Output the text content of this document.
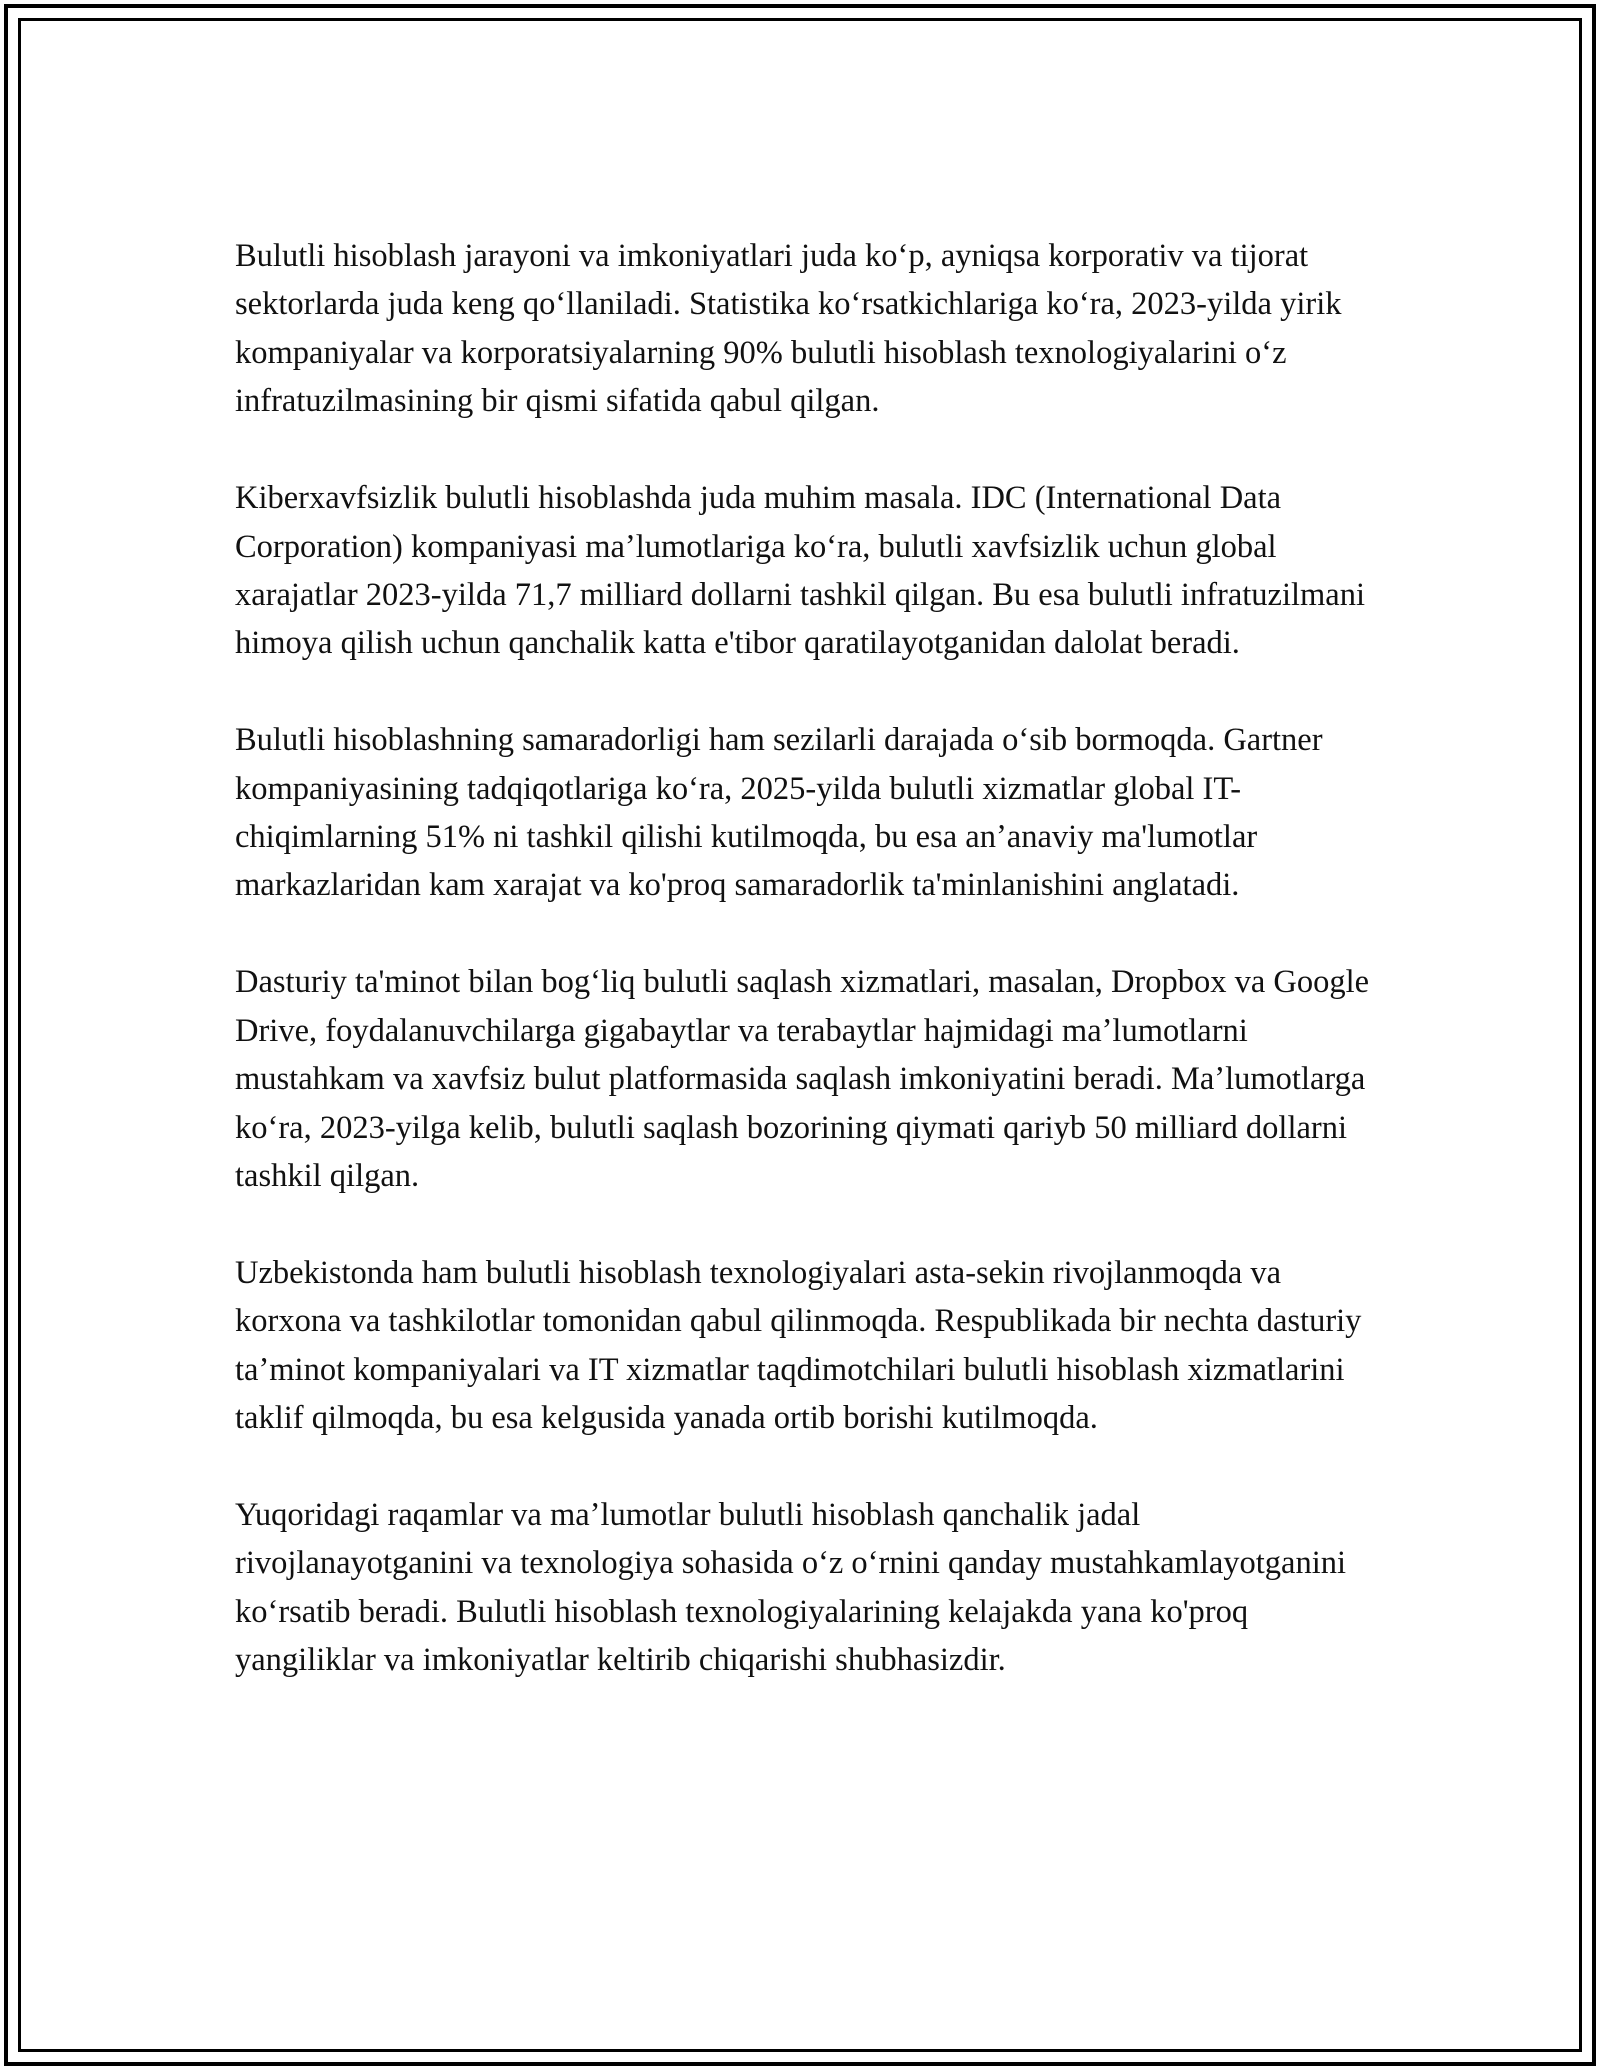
Bulutli hisoblash jarayoni va imkoniyatlari juda koʻp, ayniqsa korporativ va tijorat sektorlarda juda keng qoʻllaniladi. Statistika koʻrsatkichlariga koʻra, 2023-yilda yirik kompaniyalar va korporatsiyalarning 90% bulutli hisoblash texnologiyalarini oʻz infratuzilmasining bir qismi sifatida qabul qilgan.

Kiberxavfsizlik bulutli hisoblashda juda muhim masala. IDC (International Data Corporation) kompaniyasi maʼlumotlariga koʻra, bulutli xavfsizlik uchun global xarajatlar 2023-yilda 71,7 milliard dollarni tashkil qilgan. Bu esa bulutli infratuzilmani himoya qilish uchun qanchalik katta e'tibor qaratilayotganidan dalolat beradi.

Bulutli hisoblashning samaradorligi ham sezilarli darajada oʻsib bormoqda. Gartner kompaniyasining tadqiqotlariga koʻra, 2025-yilda bulutli xizmatlar global IT-chiqimlarning 51% ni tashkil qilishi kutilmoqda, bu esa anʼanaviy ma'lumotlar markazlaridan kam xarajat va ko'proq samaradorlik ta'minlanishini anglatadi.

Dasturiy ta'minot bilan bogʻliq bulutli saqlash xizmatlari, masalan, Dropbox va Google Drive, foydalanuvchilarga gigabaytlar va terabaytlar hajmidagi maʼlumotlarni mustahkam va xavfsiz bulut platformasida saqlash imkoniyatini beradi. Maʼlumotlarga koʻra, 2023-yilga kelib, bulutli saqlash bozorining qiymati qariyb 50 milliard dollarni tashkil qilgan.

Uzbekistonda ham bulutli hisoblash texnologiyalari asta-sekin rivojlanmoqda va korxona va tashkilotlar tomonidan qabul qilinmoqda. Respublikada bir nechta dasturiy taʼminot kompaniyalari va IT xizmatlar taqdimotchilari bulutli hisoblash xizmatlarini taklif qilmoqda, bu esa kelgusida yanada ortib borishi kutilmoqda.

Yuqoridagi raqamlar va maʼlumotlar bulutli hisoblash qanchalik jadal rivojlanayotganini va texnologiya sohasida oʻz oʻrnini qanday mustahkamlayotganini koʻrsatib beradi. Bulutli hisoblash texnologiyalarining kelajakda yana ko'proq yangiliklar va imkoniyatlar keltirib chiqarishi shubhasizdir.
